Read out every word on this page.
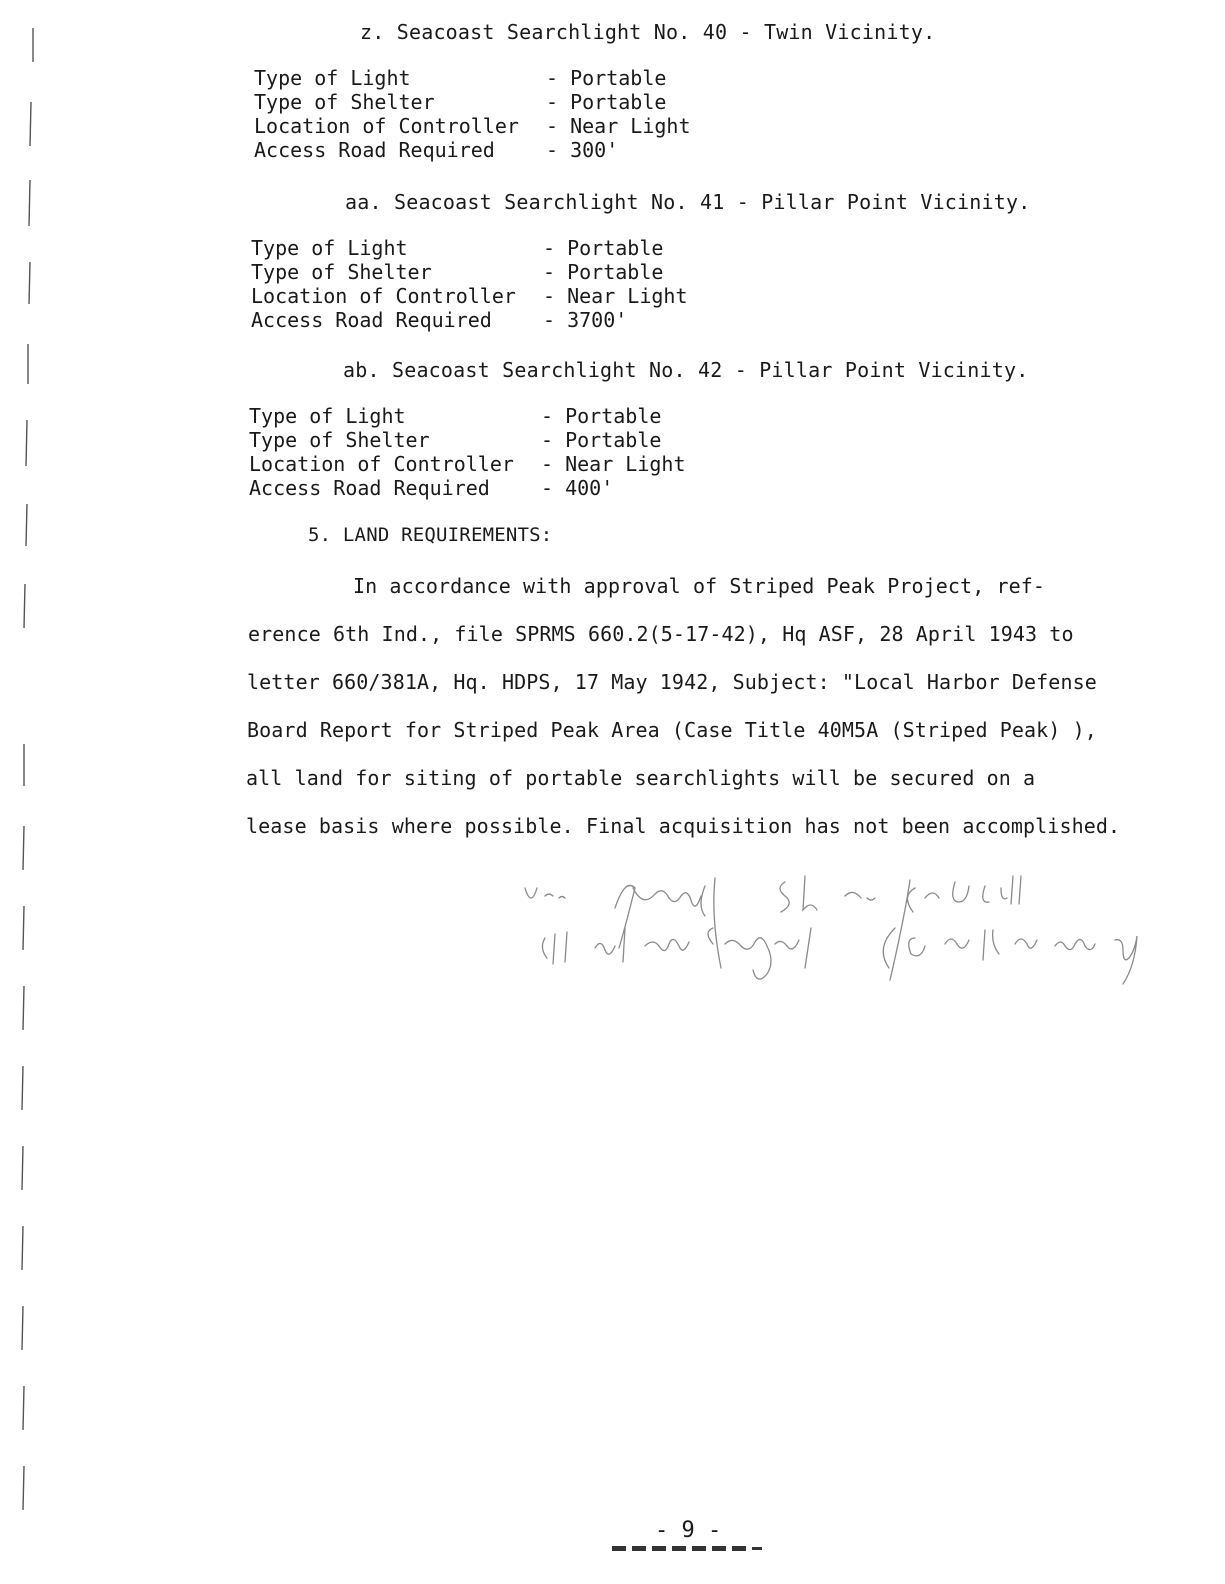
z. Seacoast Searchlight No. 40 - Twin Vicinity.
Type of Light	- Portable
Type of Shelter	- Portable
Location of Controller	- Near Light
Access Road Required	- 300'
aa. Seacoast Searchlight No. 41 - Pillar Point Vicinity.
Type of Light	- Portable
Type of Shelter	- Portable
Location of Controller	- Near Light
Access Road Required	- 3700'
ab. Seacoast Searchlight No. 42 - Pillar Point Vicinity.
Type of Light	- Portable
Type of Shelter	- Portable
Location of Controller	- Near Light
Access Road Required	- 400'
5. LAND REQUIREMENTS:
In accordance with approval of Striped Peak Project, ref-
erence 6th Ind., file SPRMS 660.2(5-17-42), Hq ASF, 28 April 1943 to
letter 660/381A, Hq. HDPS, 17 May 1942, Subject: "Local Harbor Defense
Board Report for Striped Peak Area (Case Title 40M5A (Striped Peak) ),
all land for siting of portable searchlights will be secured on a
lease basis where possible. Final acquisition has not been accomplished.
- 9 -
